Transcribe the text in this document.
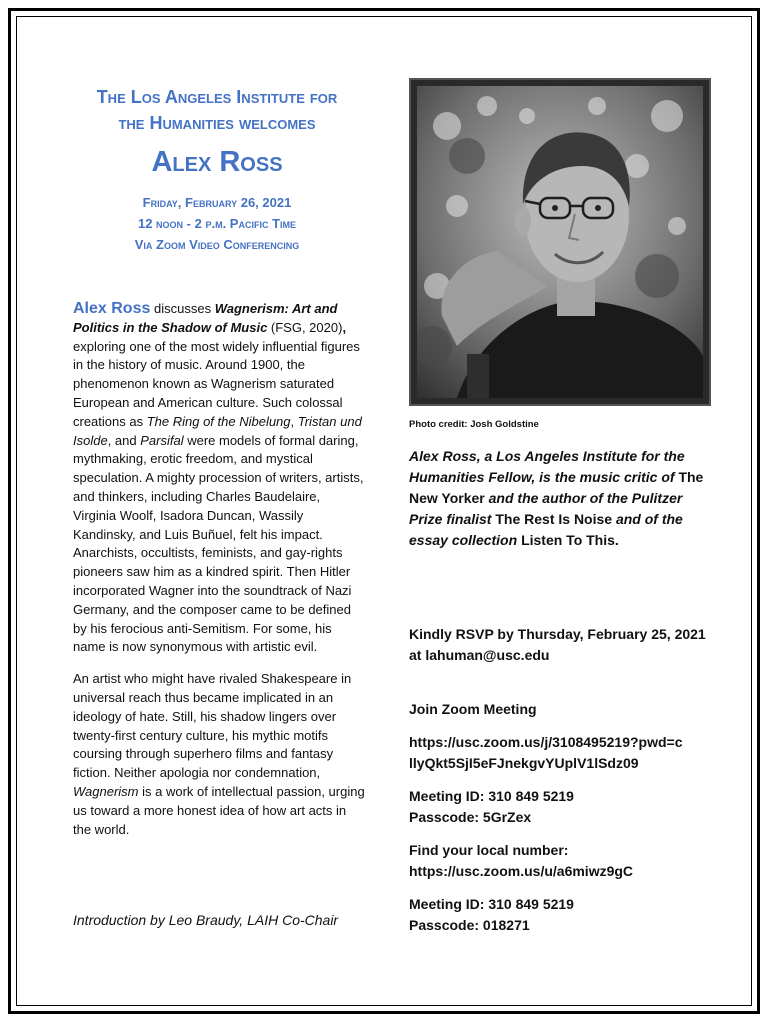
The Los Angeles Institute for
the Humanities welcomes
Alex Ross
Friday, February 26, 2021
12 noon - 2 p.m. Pacific Time
Via Zoom Video Conferencing

Alex Ross discusses Wagnerism: Art and Politics in the Shadow of Music (FSG, 2020), exploring one of the most widely influential figures in the history of music. Around 1900, the phenomenon known as Wagnerism saturated European and American culture. Such colossal creations as The Ring of the Nibelung, Tristan und Isolde, and Parsifal were models of formal daring, mythmaking, erotic freedom, and mystical speculation. A mighty procession of writers, artists, and thinkers, including Charles Baudelaire, Virginia Woolf, Isadora Duncan, Wassily Kandinsky, and Luis Buñuel, felt his impact. Anarchists, occultists, feminists, and gay-rights pioneers saw him as a kindred spirit. Then Hitler incorporated Wagner into the soundtrack of Nazi Germany, and the composer came to be defined by his ferocious anti-Semitism. For some, his name is now synonymous with artistic evil.

An artist who might have rivaled Shakespeare in universal reach thus became implicated in an ideology of hate. Still, his shadow lingers over twenty-first century culture, his mythic motifs coursing through superhero films and fantasy fiction. Neither apologia nor condemnation, Wagnerism is a work of intellectual passion, urging us toward a more honest idea of how art acts in the world.

Introduction by Leo Braudy, LAIH Co-Chair
Photo credit: Josh Goldstine
Alex Ross, a Los Angeles Institute for the Humanities Fellow, is the music critic of The New Yorker and the author of the Pulitzer Prize finalist The Rest Is Noise and of the essay collection Listen To This.
Kindly RSVP by Thursday, February 25, 2021 at lahuman@usc.edu
Join Zoom Meeting
https://usc.zoom.us/j/3108495219?pwd=c
llyQkt5SjI5eFJnekgvYUplV1lSdz09
Meeting ID: 310 849 5219
Passcode: 5GrZex
Find your local number:
https://usc.zoom.us/u/a6miwz9gC
Meeting ID: 310 849 5219
Passcode: 018271
